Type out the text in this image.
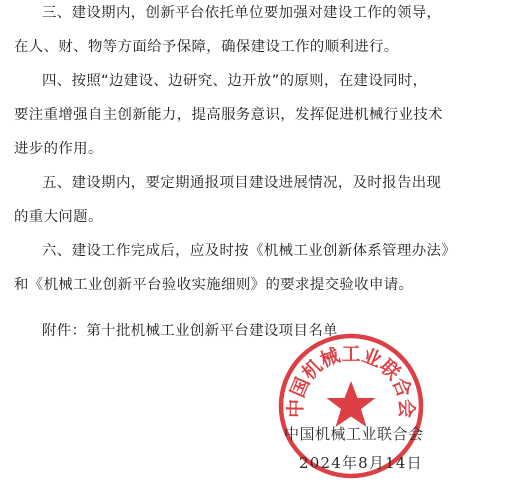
三、建设期内，创新平台依托单位要加强对建设工作的领导，
在人、财、物等方面给予保障，确保建设工作的顺利进行。
四、按照“边建设、边研究、边开放”的原则，在建设同时，
要注重增强自主创新能力，提高服务意识，发挥促进机械行业技术
进步的作用。
五、建设期内，要定期通报项目建设进展情况，及时报告出现
的重大问题。
六、建设工作完成后，应及时按《机械工业创新体系管理办法》
和《机械工业创新平台验收实施细则》的要求提交验收申请。
附件：第十批机械工业创新平台建设项目名单
中国机械工业联合会
中国机械工业联合会
2024年8月14日
